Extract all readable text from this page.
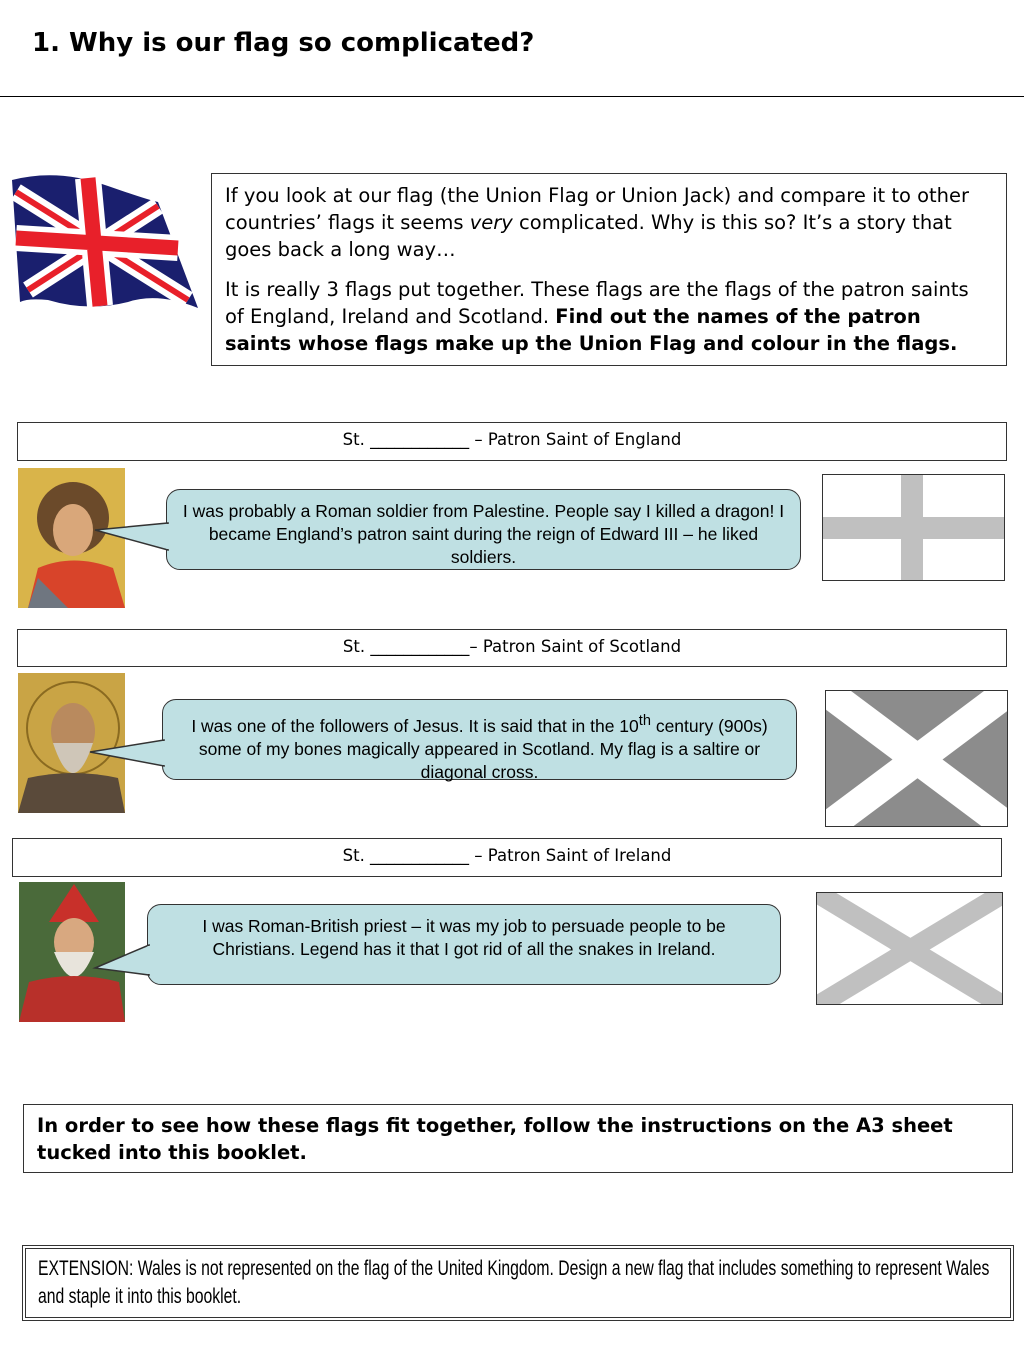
1. Why is our flag so complicated?

If you look at our flag (the Union Flag or Union Jack) and compare it to other countries’ flags it seems very complicated. Why is this so? It’s a story that goes back a long way…

It is really 3 flags put together. These flags are the flags of the patron saints of England, Ireland and Scotland. Find out the names of the patron saints whose flags make up the Union Flag and colour in the flags.

St. ____________ – Patron Saint of England
I was probably a Roman soldier from Palestine. People say I killed a dragon! I became England’s patron saint during the reign of Edward III – he liked soldiers.
St. ____________– Patron Saint of Scotland
I was one of the followers of Jesus. It is said that in the 10th century (900s) some of my bones magically appeared in Scotland. My flag is a saltire or diagonal cross.
St. ____________ – Patron Saint of Ireland
I was Roman-British priest – it was my job to persuade people to be Christians. Legend has it that I got rid of all the snakes in Ireland.
In order to see how these flags fit together, follow the instructions on the A3 sheet tucked into this booklet.
EXTENSION: Wales is not represented on the flag of the United Kingdom. Design a new flag that includes something to represent Wales and staple it into this booklet.
